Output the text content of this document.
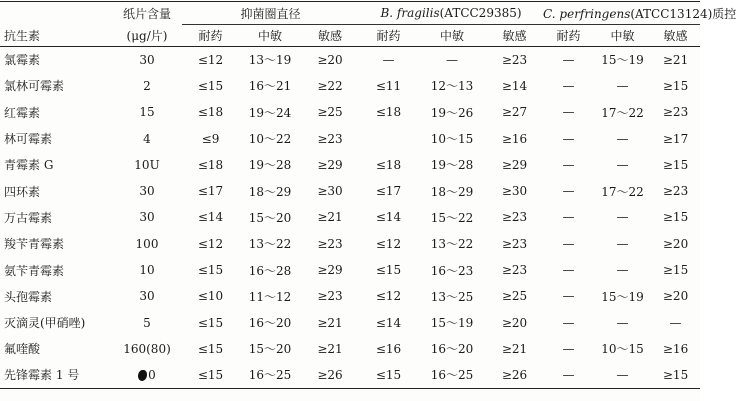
	纸片含量	抑菌圈直径			B. fragilis(ATCC29385)			C. perfringens(ATCC13124)质控		
抗生素	(μg/片)	耐药	中敏	敏感	耐药	中敏	敏感	耐药	中敏	敏感
氯霉素	30	≤12	13～19	≥20	—	—	≥23	—	15～19	≥21
氯林可霉素	2	≤15	16～21	≥22	≤11	12～13	≥14	—	—	≥15
红霉素	15	≤18	19～24	≥25	≤18	19～26	≥27	—	17～22	≥23
林可霉素	4	≤9	10～22	≥23		10～15	≥16	—	—	≥17
青霉素 G	10U	≤18	19～28	≥29	≤18	19～28	≥29	—	—	≥15
四环素	30	≤17	18～29	≥30	≤17	18～29	≥30	—	17～22	≥23
万古霉素	30	≤14	15～20	≥21	≤14	15～22	≥23	—	—	≥15
羧苄青霉素	100	≤12	13～22	≥23	≤12	13～22	≥23	—	—	≥20
氨苄青霉素	10	≤15	16～28	≥29	≤15	16～23	≥23	—	—	≥15
头孢霉素	30	≤10	11～12	≥23	≤12	13～25	≥25	—	15～19	≥20
灭滴灵(甲硝唑)	5	≤15	16～20	≥21	≤14	15～19	≥20	—	—	—
氟喹酸	160(80)	≤15	15～20	≥21	≤16	16～20	≥21	—	10～15	≥16
先锋霉素 1 号	0	≤15	16～25	≥26	≤15	16～25	≥26	—	—	≥15
